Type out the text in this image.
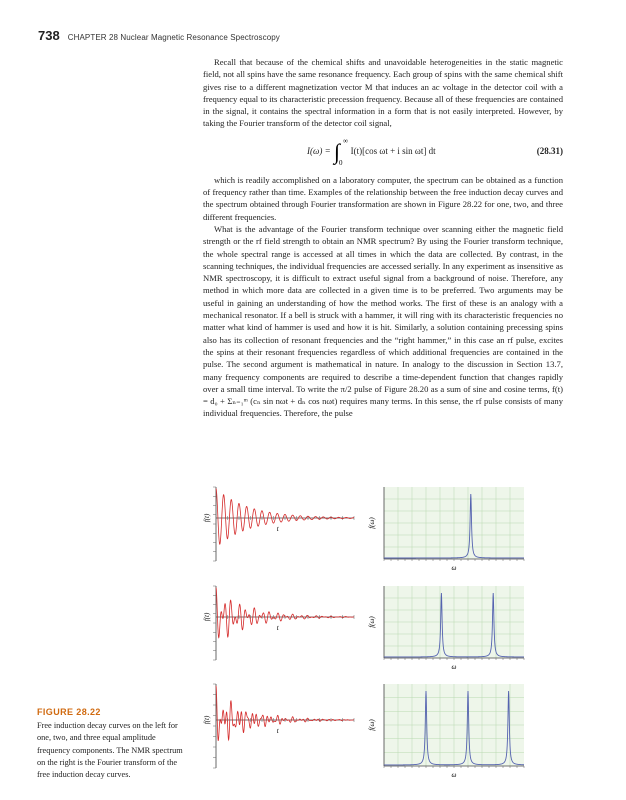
738 CHAPTER 28 Nuclear Magnetic Resonance Spectroscopy

Recall that because of the chemical shifts and unavoidable heterogeneities in the static magnetic field, not all spins have the same resonance frequency. Each group of spins with the same chemical shift gives rise to a different magnetization vector M that induces an ac voltage in the detector coil with a frequency equal to its characteristic precession frequency. Because all of these frequencies are contained in the signal, it contains the spectral information in a form that is not easily interpreted. However, by taking the Fourier transform of the detector coil signal,

I(ω) = ∫ ∞
0
I(t)[cos ωt + i sin ωt] dt	(28.31)

which is readily accomplished on a laboratory computer, the spectrum can be obtained as a function of frequency rather than time. Examples of the relationship between the free induction decay curves and the spectrum obtained through Fourier transformation are shown in Figure 28.22 for one, two, and three different frequencies.

What is the advantage of the Fourier transform technique over scanning either the magnetic field strength or the rf field strength to obtain an NMR spectrum? By using the Fourier transform technique, the whole spectral range is accessed at all times in which the data are collected. By contrast, in the scanning techniques, the individual frequencies are accessed serially. In any experiment as insensitive as NMR spectroscopy, it is difficult to extract useful signal from a background of noise. Therefore, any method in which more data are collected in a given time is to be preferred. Two arguments may be useful in gaining an understanding of how the method works. The first of these is an analogy with a mechanical resonator. If a bell is struck with a hammer, it will ring with its characteristic frequencies no matter what kind of hammer is used and how it is hit. Similarly, a solution containing precessing spins also has its collection of resonant frequencies and the “right hammer,” in this case an rf pulse, excites the spins at their resonant frequencies regardless of which additional frequencies are contained in the pulse. The second argument is mathematical in nature. In analogy to the discussion in Section 13.7, many frequency components are required to describe a time-dependent function that changes rapidly over a small time interval. To write the π/2 pulse of Figure 28.20 as a sum of sine and cosine terms, f(t) = d₀ + Σₙ₌₁ᵐ (cₙ sin nωt + dₙ cos nωt) requires many terms. In this sense, the rf pulse consists of many individual frequencies. Therefore, the pulse

f(t)
t
f(ω)
ω
f(t)
t
f(ω)
ω
f(t)
t
f(ω)
ω
FIGURE 28.22
Free induction decay curves on the left for one, two, and three equal amplitude frequency components. The NMR spectrum on the right is the Fourier transform of the free induction decay curves.
